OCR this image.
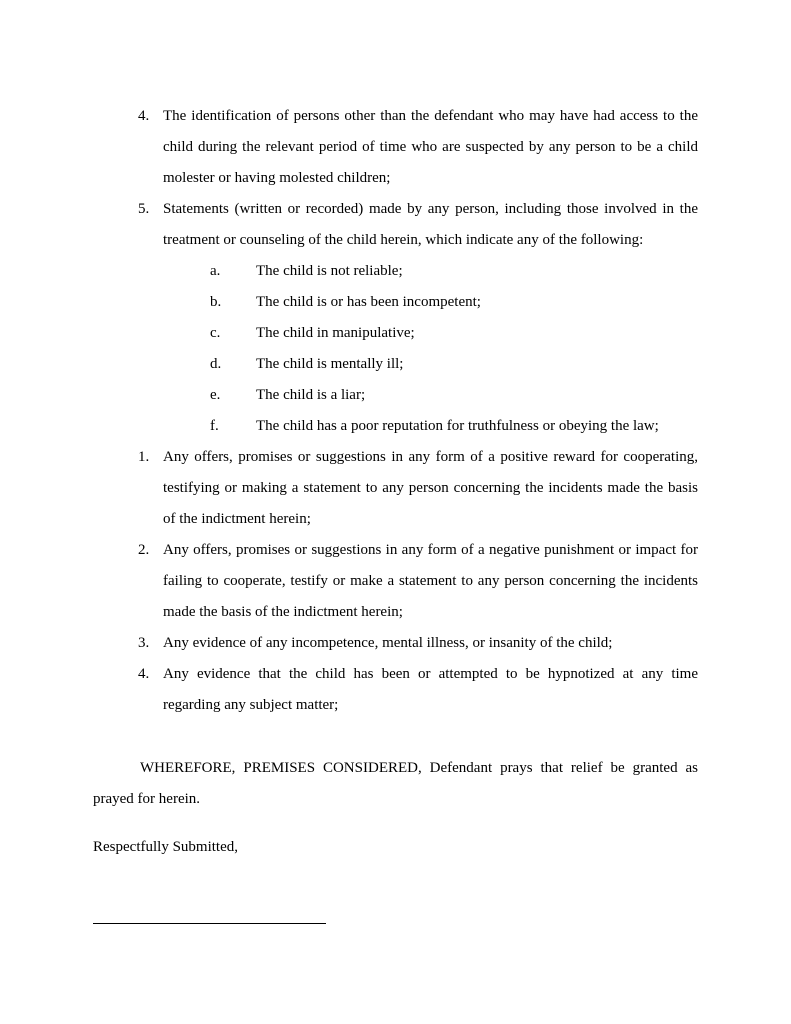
4. The identification of persons other than the defendant who may have had access to the child during the relevant period of time who are suspected by any person to be a child molester or having molested children;
5. Statements (written or recorded) made by any person, including those involved in the treatment or counseling of the child herein, which indicate any of the following:
a. The child is not reliable;
b. The child is or has been incompetent;
c. The child in manipulative;
d. The child is mentally ill;
e. The child is a liar;
f. The child has a poor reputation for truthfulness or obeying the law;
1. Any offers, promises or suggestions in any form of a positive reward for cooperating, testifying or making a statement to any person concerning the incidents made the basis of the indictment herein;
2. Any offers, promises or suggestions in any form of a negative punishment or impact for failing to cooperate, testify or make a statement to any person concerning the incidents made the basis of the indictment herein;
3. Any evidence of any incompetence, mental illness, or insanity of the child;
4. Any evidence that the child has been or attempted to be hypnotized at any time regarding any subject matter;
WHEREFORE, PREMISES CONSIDERED, Defendant prays that relief be granted as prayed for herein.
Respectfully Submitted,
